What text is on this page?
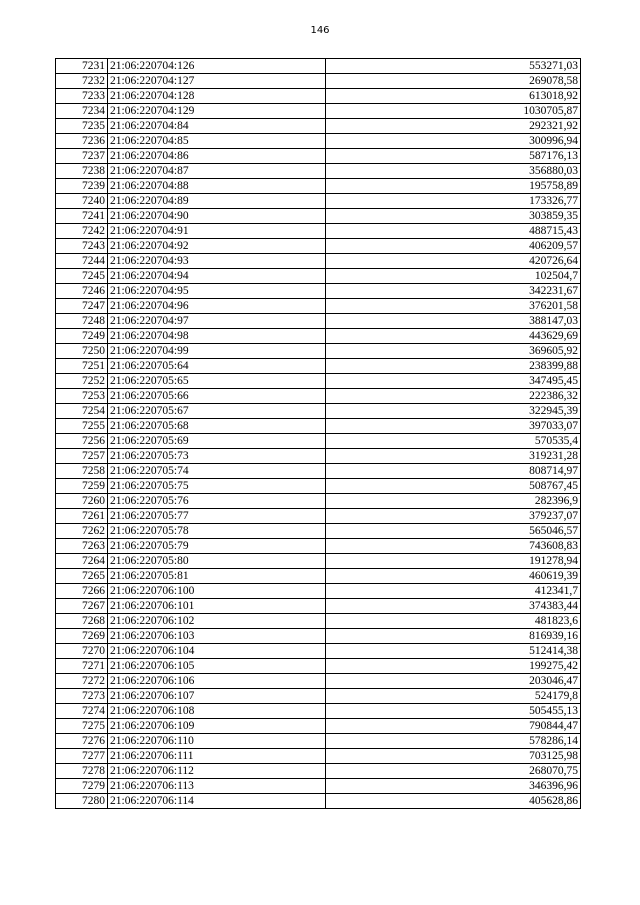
146
7231	21:06:220704:126	553271,03
7232	21:06:220704:127	269078,58
7233	21:06:220704:128	613018,92
7234	21:06:220704:129	1030705,87
7235	21:06:220704:84	292321,92
7236	21:06:220704:85	300996,94
7237	21:06:220704:86	587176,13
7238	21:06:220704:87	356880,03
7239	21:06:220704:88	195758,89
7240	21:06:220704:89	173326,77
7241	21:06:220704:90	303859,35
7242	21:06:220704:91	488715,43
7243	21:06:220704:92	406209,57
7244	21:06:220704:93	420726,64
7245	21:06:220704:94	102504,7
7246	21:06:220704:95	342231,67
7247	21:06:220704:96	376201,58
7248	21:06:220704:97	388147,03
7249	21:06:220704:98	443629,69
7250	21:06:220704:99	369605,92
7251	21:06:220705:64	238399,88
7252	21:06:220705:65	347495,45
7253	21:06:220705:66	222386,32
7254	21:06:220705:67	322945,39
7255	21:06:220705:68	397033,07
7256	21:06:220705:69	570535,4
7257	21:06:220705:73	319231,28
7258	21:06:220705:74	808714,97
7259	21:06:220705:75	508767,45
7260	21:06:220705:76	282396,9
7261	21:06:220705:77	379237,07
7262	21:06:220705:78	565046,57
7263	21:06:220705:79	743608,83
7264	21:06:220705:80	191278,94
7265	21:06:220705:81	460619,39
7266	21:06:220706:100	412341,7
7267	21:06:220706:101	374383,44
7268	21:06:220706:102	481823,6
7269	21:06:220706:103	816939,16
7270	21:06:220706:104	512414,38
7271	21:06:220706:105	199275,42
7272	21:06:220706:106	203046,47
7273	21:06:220706:107	524179,8
7274	21:06:220706:108	505455,13
7275	21:06:220706:109	790844,47
7276	21:06:220706:110	578286,14
7277	21:06:220706:111	703125,98
7278	21:06:220706:112	268070,75
7279	21:06:220706:113	346396,96
7280	21:06:220706:114	405628,86
